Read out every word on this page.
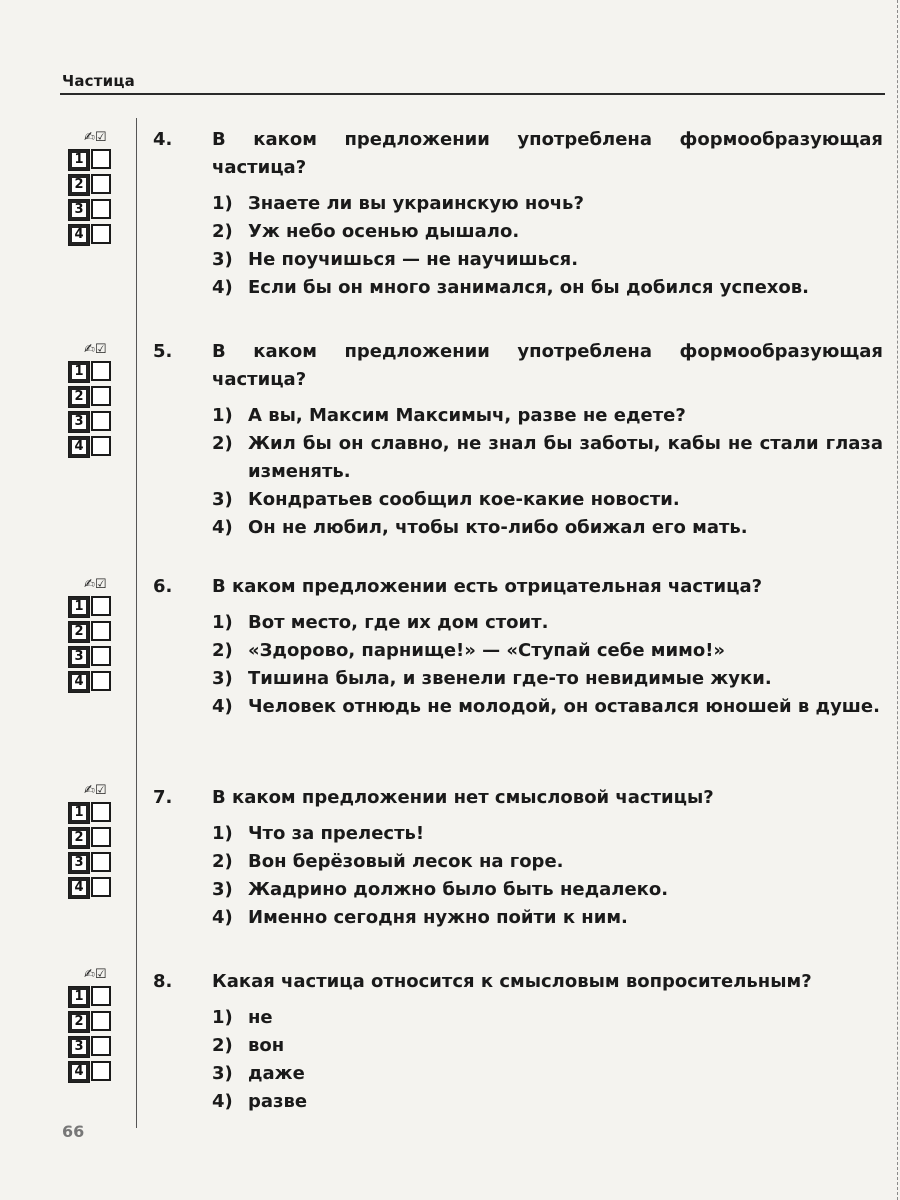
Частица
66
✍☑
1
2
3
4
4. В каком предложении употреблена формообразующая частица?
1) Знаете ли вы украинскую ночь?
2) Уж небо осенью дышало.
3) Не поучишься — не научишься.
4) Если бы он много занимался, он бы добился успехов.
✍☑
1
2
3
4
5. В каком предложении употреблена формообразующая частица?
1) А вы, Максим Максимыч, разве не едете?
2) Жил бы он славно, не знал бы заботы, кабы не стали глаза изменять.
3) Кондратьев сообщил кое-какие новости.
4) Он не любил, чтобы кто-либо обижал его мать.
✍☑
1
2
3
4
6. В каком предложении есть отрицательная частица?
1) Вот место, где их дом стоит.
2) «Здорово, парнище!» — «Ступай себе мимо!»
3) Тишина была, и звенели где-то невидимые жуки.
4) Человек отнюдь не молодой, он оставался юношей в душе.
✍☑
1
2
3
4
7. В каком предложении нет смысловой частицы?
1) Что за прелесть!
2) Вон берёзовый лесок на горе.
3) Жадрино должно было быть недалеко.
4) Именно сегодня нужно пойти к ним.
✍☑
1
2
3
4
8. Какая частица относится к смысловым вопросительным?
1) не
2) вон
3) даже
4) разве
